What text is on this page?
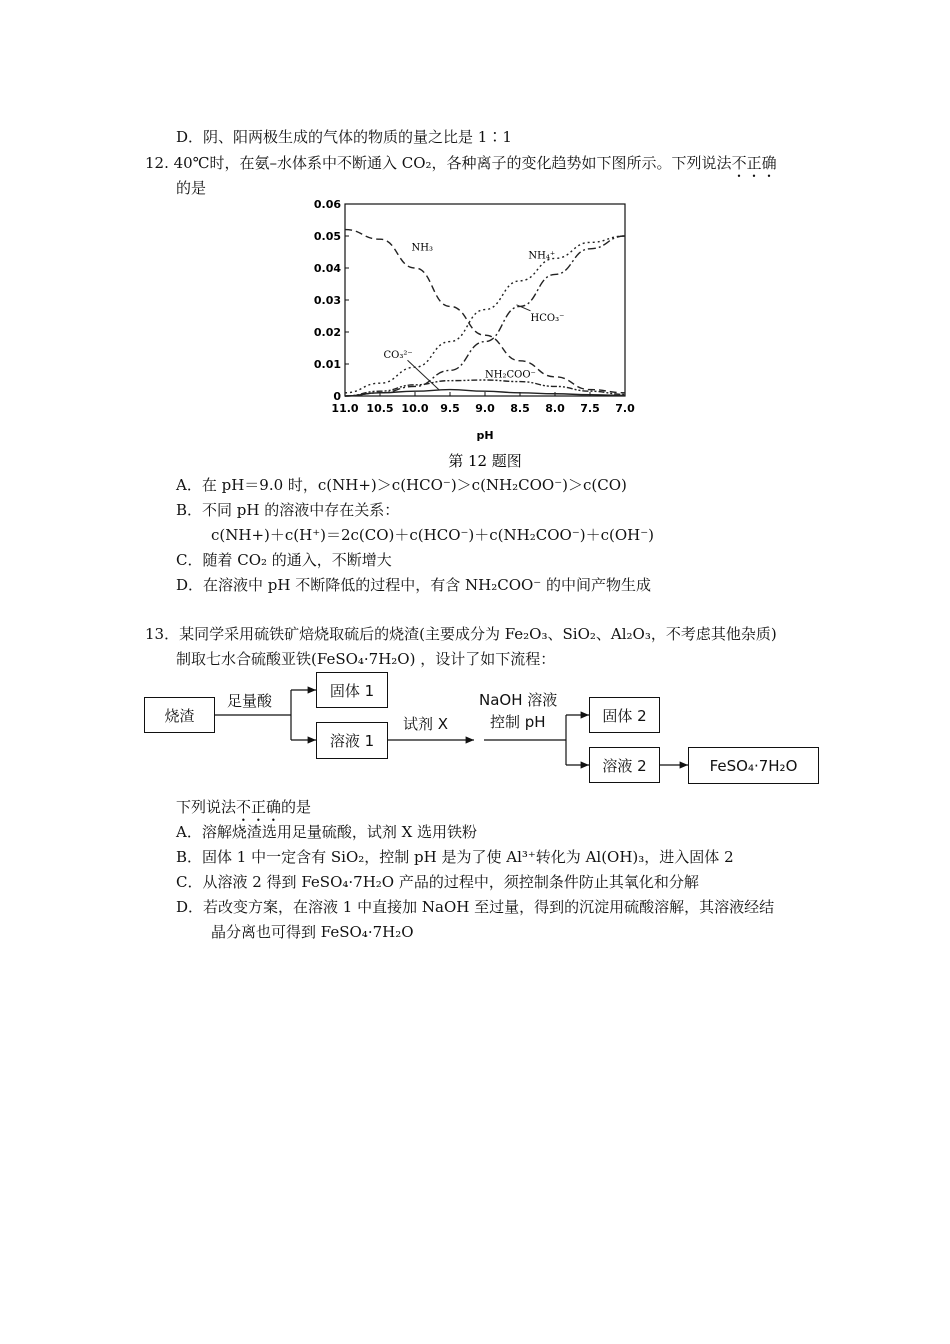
D．阴、阳两极生成的气体的物质的量之比是 1∶1
12. 40℃时，在氨–水体系中不断通入 CO₂，各种离子的变化趋势如下图所示。下列说法不正确
的是
11.0 10.5 10.0 9.5 9.0 8.5 8.0 7.5 7.0
0
0.01
0.02
0.03
0.04
0.05
0.06
NH₃
NH₄⁺
HCO₃⁻
CO₃²⁻
NH₂COO⁻
pH
第 12 题图
A．在 pH＝9.0 时，c(NH+)＞c(HCO⁻)＞c(NH₂COO⁻)＞c(CO)
B．不同 pH 的溶液中存在关系：
c(NH+)＋c(H⁺)＝2c(CO)＋c(HCO⁻)＋c(NH₂COO⁻)＋c(OH⁻)
C．随着 CO₂ 的通入，不断增大
D．在溶液中 pH 不断降低的过程中，有含 NH₂COO⁻ 的中间产物生成
13．某同学采用硫铁矿焙烧取硫后的烧渣(主要成分为 Fe₂O₃、SiO₂、Al₂O₃，不考虑其他杂质)
制取七水合硫酸亚铁(FeSO₄·7H₂O) ，设计了如下流程：
烧渣
足量酸
固体 1
溶液 1
试剂 X
NaOH 溶液
控制 pH	固体 2
溶液 2	FeSO₄·7H₂O
下列说法不正确的是
A．溶解烧渣选用足量硫酸，试剂 X 选用铁粉
B．固体 1 中一定含有 SiO₂，控制 pH 是为了使 Al³⁺转化为 Al(OH)₃，进入固体 2
C．从溶液 2 得到 FeSO₄·7H₂O 产品的过程中，须控制条件防止其氧化和分解
D．若改变方案，在溶液 1 中直接加 NaOH 至过量，得到的沉淀用硫酸溶解，其溶液经结
晶分离也可得到 FeSO₄·7H₂O
